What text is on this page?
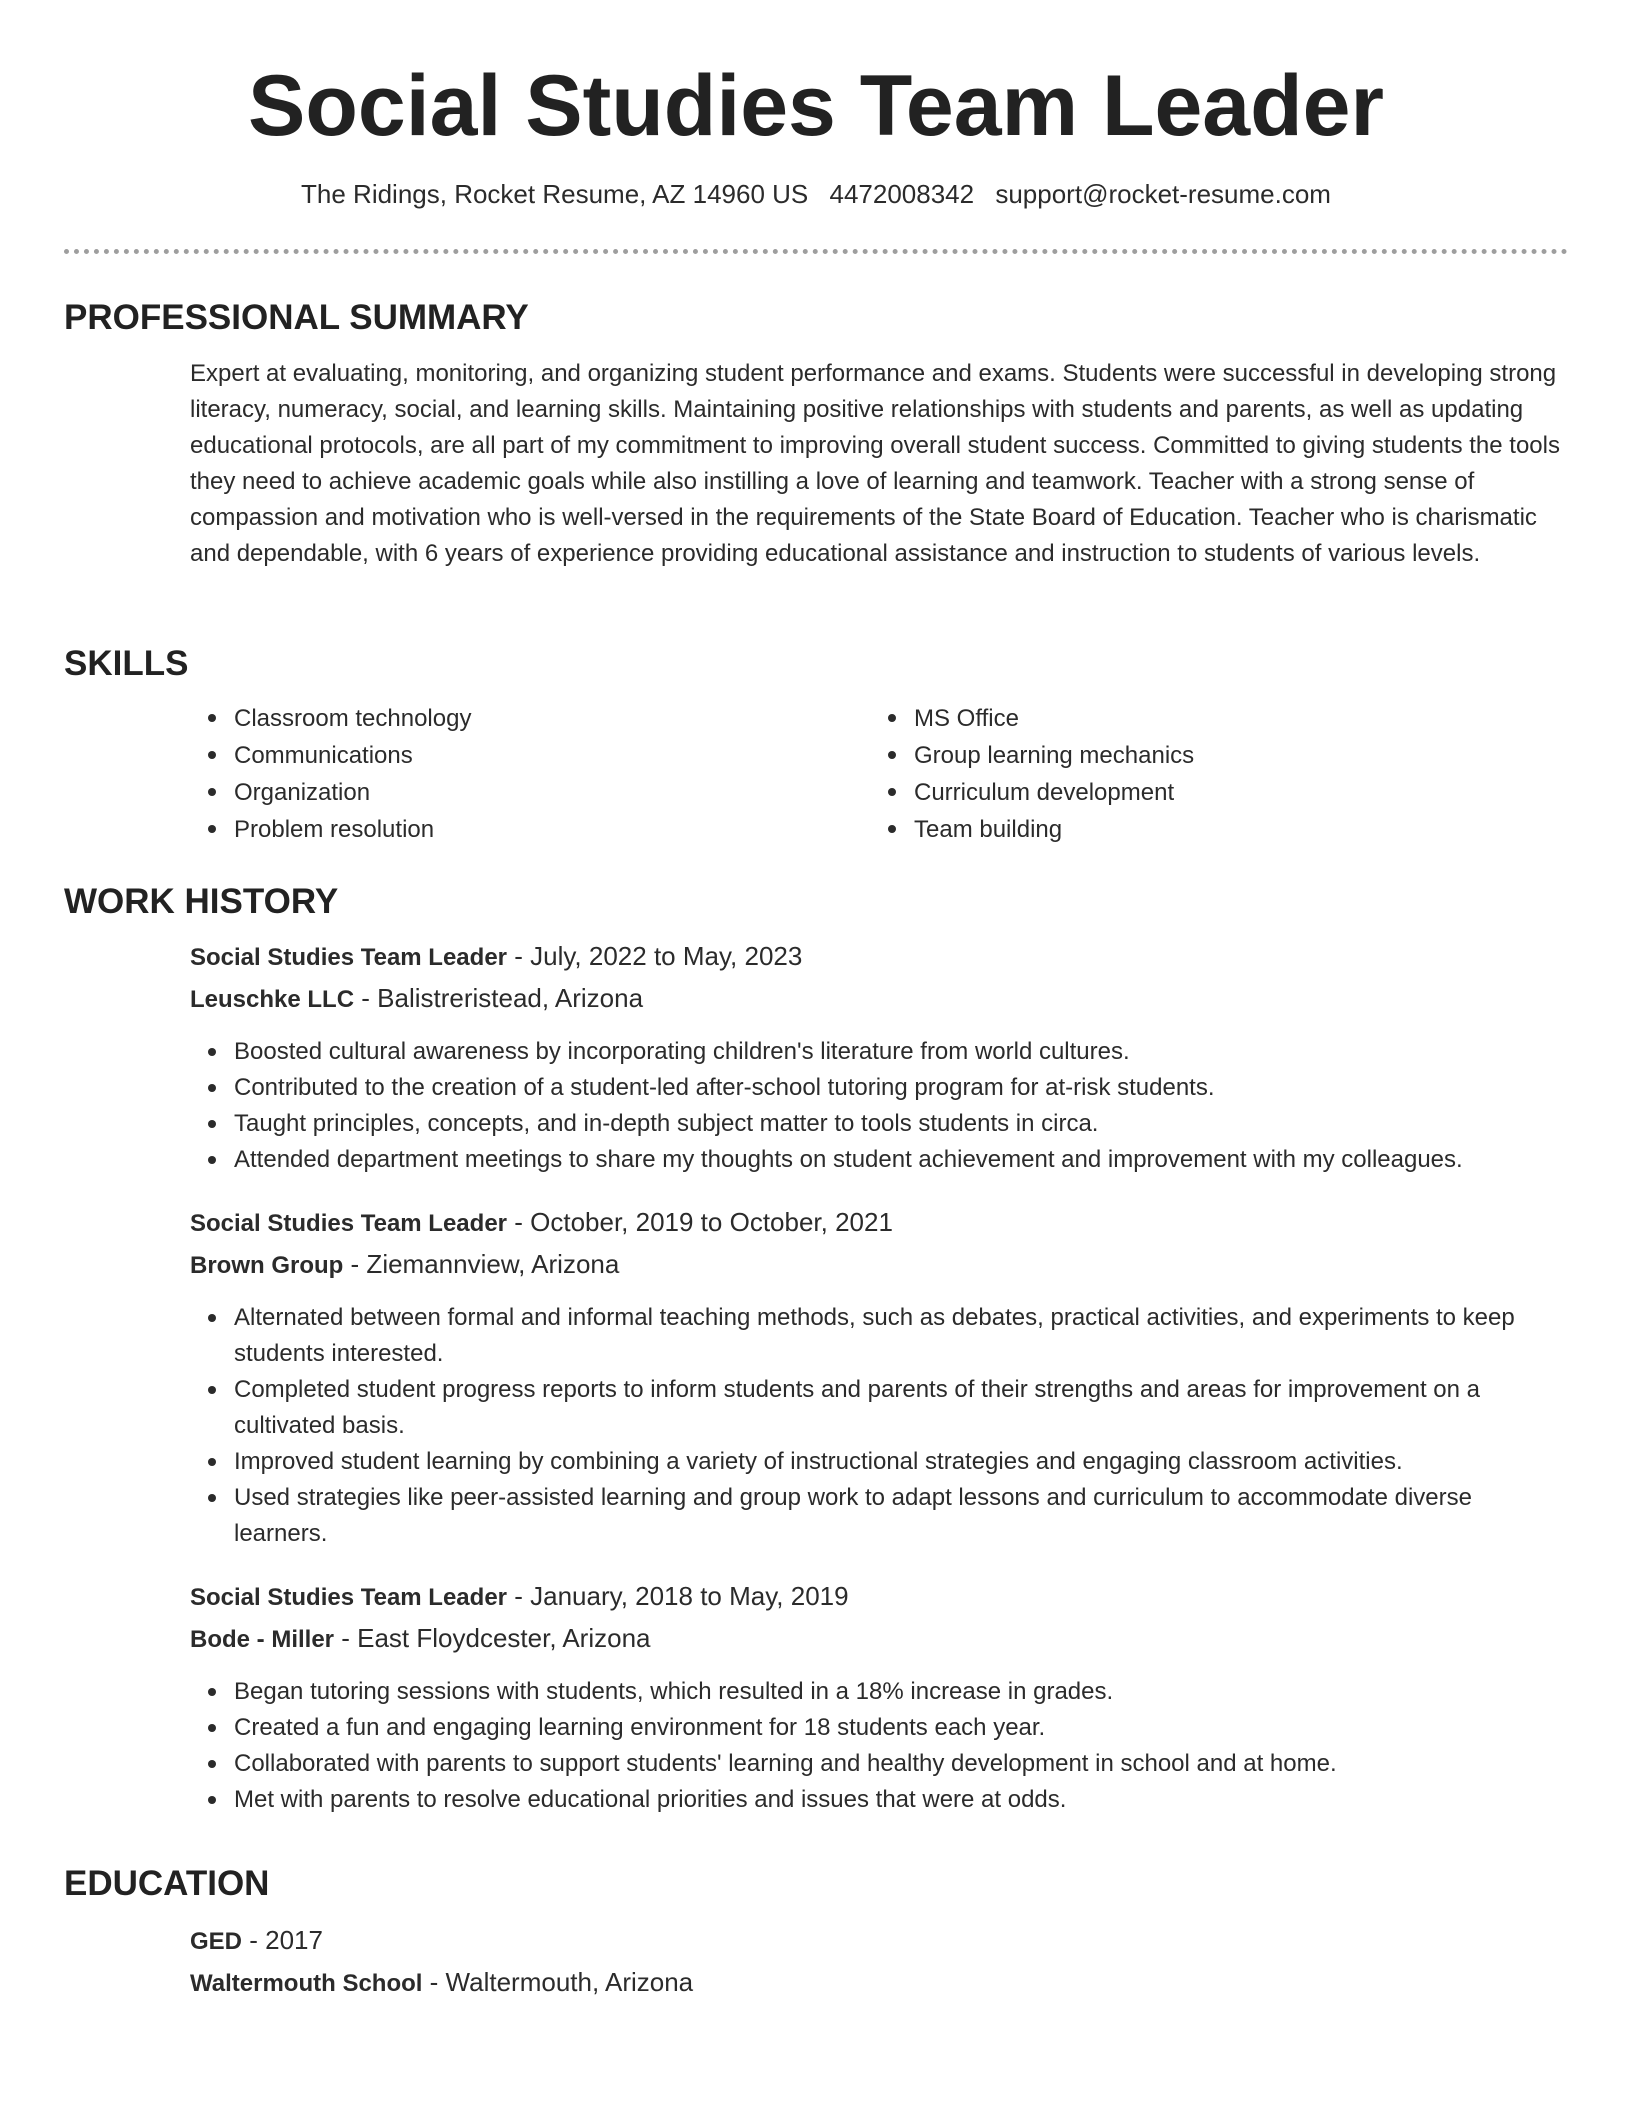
Social Studies Team Leader
The Ridings, Rocket Resume, AZ 14960 US 4472008342 support@rocket-resume.com
PROFESSIONAL SUMMARY

Expert at evaluating, monitoring, and organizing student performance and exams. Students were successful in developing strong literacy, numeracy, social, and learning skills. Maintaining positive relationships with students and parents, as well as updating educational protocols, are all part of my commitment to improving overall student success. Committed to giving students the tools they need to achieve academic goals while also instilling a love of learning and teamwork. Teacher with a strong sense of compassion and motivation who is well-versed in the requirements of the State Board of Education. Teacher who is charismatic and dependable, with 6 years of experience providing educational assistance and instruction to students of various levels.

SKILLS
Classroom technology
Communications
Organization
Problem resolution
MS Office
Group learning mechanics
Curriculum development
Team building
WORK HISTORY
Social Studies Team Leader - July, 2022 to May, 2023
Leuschke LLC - Balistreristead, Arizona
Boosted cultural awareness by incorporating children's literature from world cultures.
Contributed to the creation of a student-led after-school tutoring program for at-risk students.
Taught principles, concepts, and in-depth subject matter to tools students in circa.
Attended department meetings to share my thoughts on student achievement and improvement with my colleagues.
Social Studies Team Leader - October, 2019 to October, 2021
Brown Group - Ziemannview, Arizona
Alternated between formal and informal teaching methods, such as debates, practical activities, and experiments to keep students interested.
Completed student progress reports to inform students and parents of their strengths and areas for improvement on a cultivated basis.
Improved student learning by combining a variety of instructional strategies and engaging classroom activities.
Used strategies like peer-assisted learning and group work to adapt lessons and curriculum to accommodate diverse learners.
Social Studies Team Leader - January, 2018 to May, 2019
Bode - Miller - East Floydcester, Arizona
Began tutoring sessions with students, which resulted in a 18% increase in grades.
Created a fun and engaging learning environment for 18 students each year.
Collaborated with parents to support students' learning and healthy development in school and at home.
Met with parents to resolve educational priorities and issues that were at odds.
EDUCATION
GED - 2017
Waltermouth School - Waltermouth, Arizona
